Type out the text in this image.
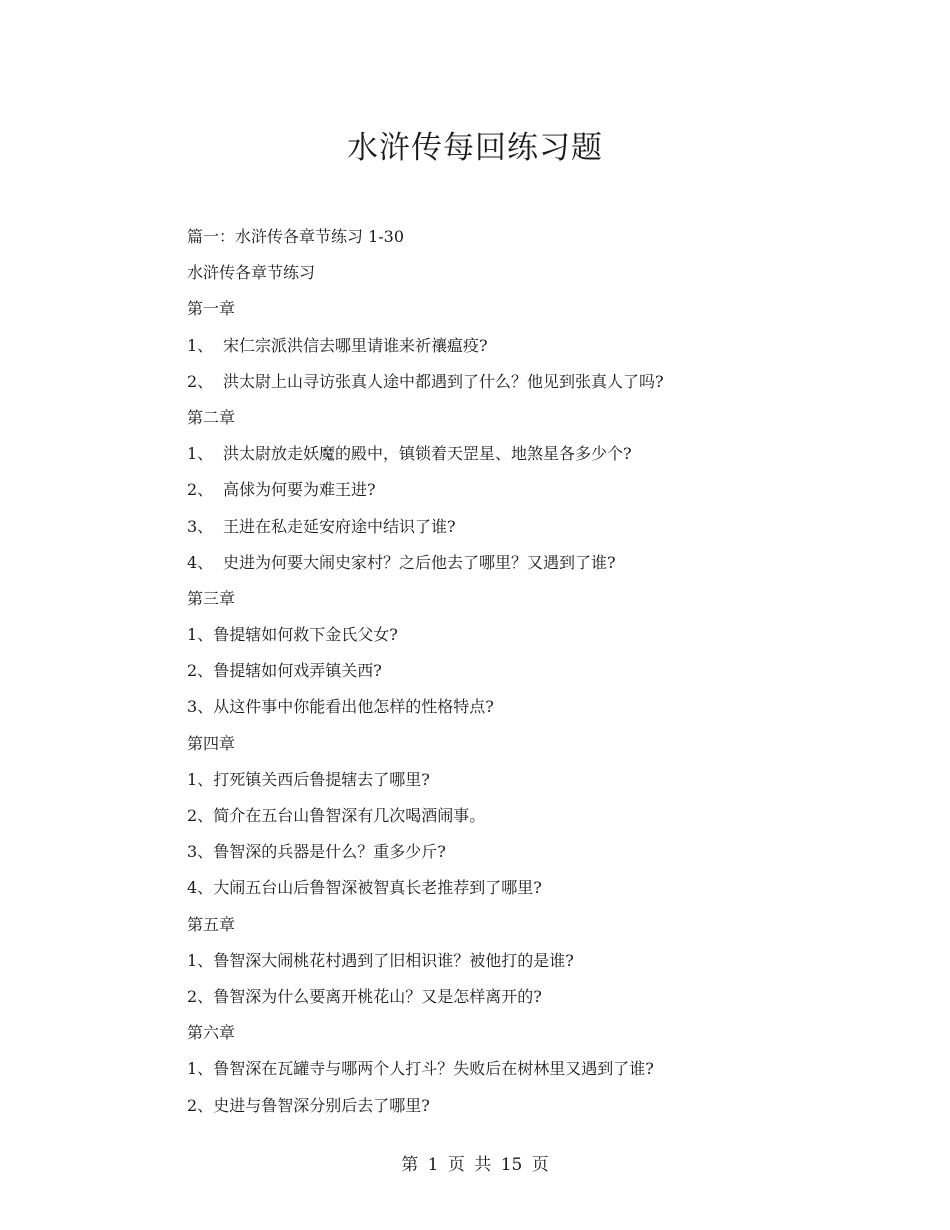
水浒传每回练习题
篇一：水浒传各章节练习 1-30
水浒传各章节练习
第一章
1、 宋仁宗派洪信去哪里请谁来祈禳瘟疫?
2、 洪太尉上山寻访张真人途中都遇到了什么？他见到张真人了吗?
第二章
1、 洪太尉放走妖魔的殿中，镇锁着天罡星、地煞星各多少个?
2、 高俅为何要为难王进?
3、 王进在私走延安府途中结识了谁?
4、 史进为何要大闹史家村？之后他去了哪里？又遇到了谁?
第三章
1、鲁提辖如何救下金氏父女?
2、鲁提辖如何戏弄镇关西?
3、从这件事中你能看出他怎样的性格特点?
第四章
1、打死镇关西后鲁提辖去了哪里?
2、简介在五台山鲁智深有几次喝酒闹事。
3、鲁智深的兵器是什么？重多少斤?
4、大闹五台山后鲁智深被智真长老推荐到了哪里?
第五章
1、鲁智深大闹桃花村遇到了旧相识谁？被他打的是谁?
2、鲁智深为什么要离开桃花山？又是怎样离开的?
第六章
1、鲁智深在瓦罐寺与哪两个人打斗？失败后在树林里又遇到了谁?
2、史进与鲁智深分别后去了哪里?
第 1 页 共 15 页
